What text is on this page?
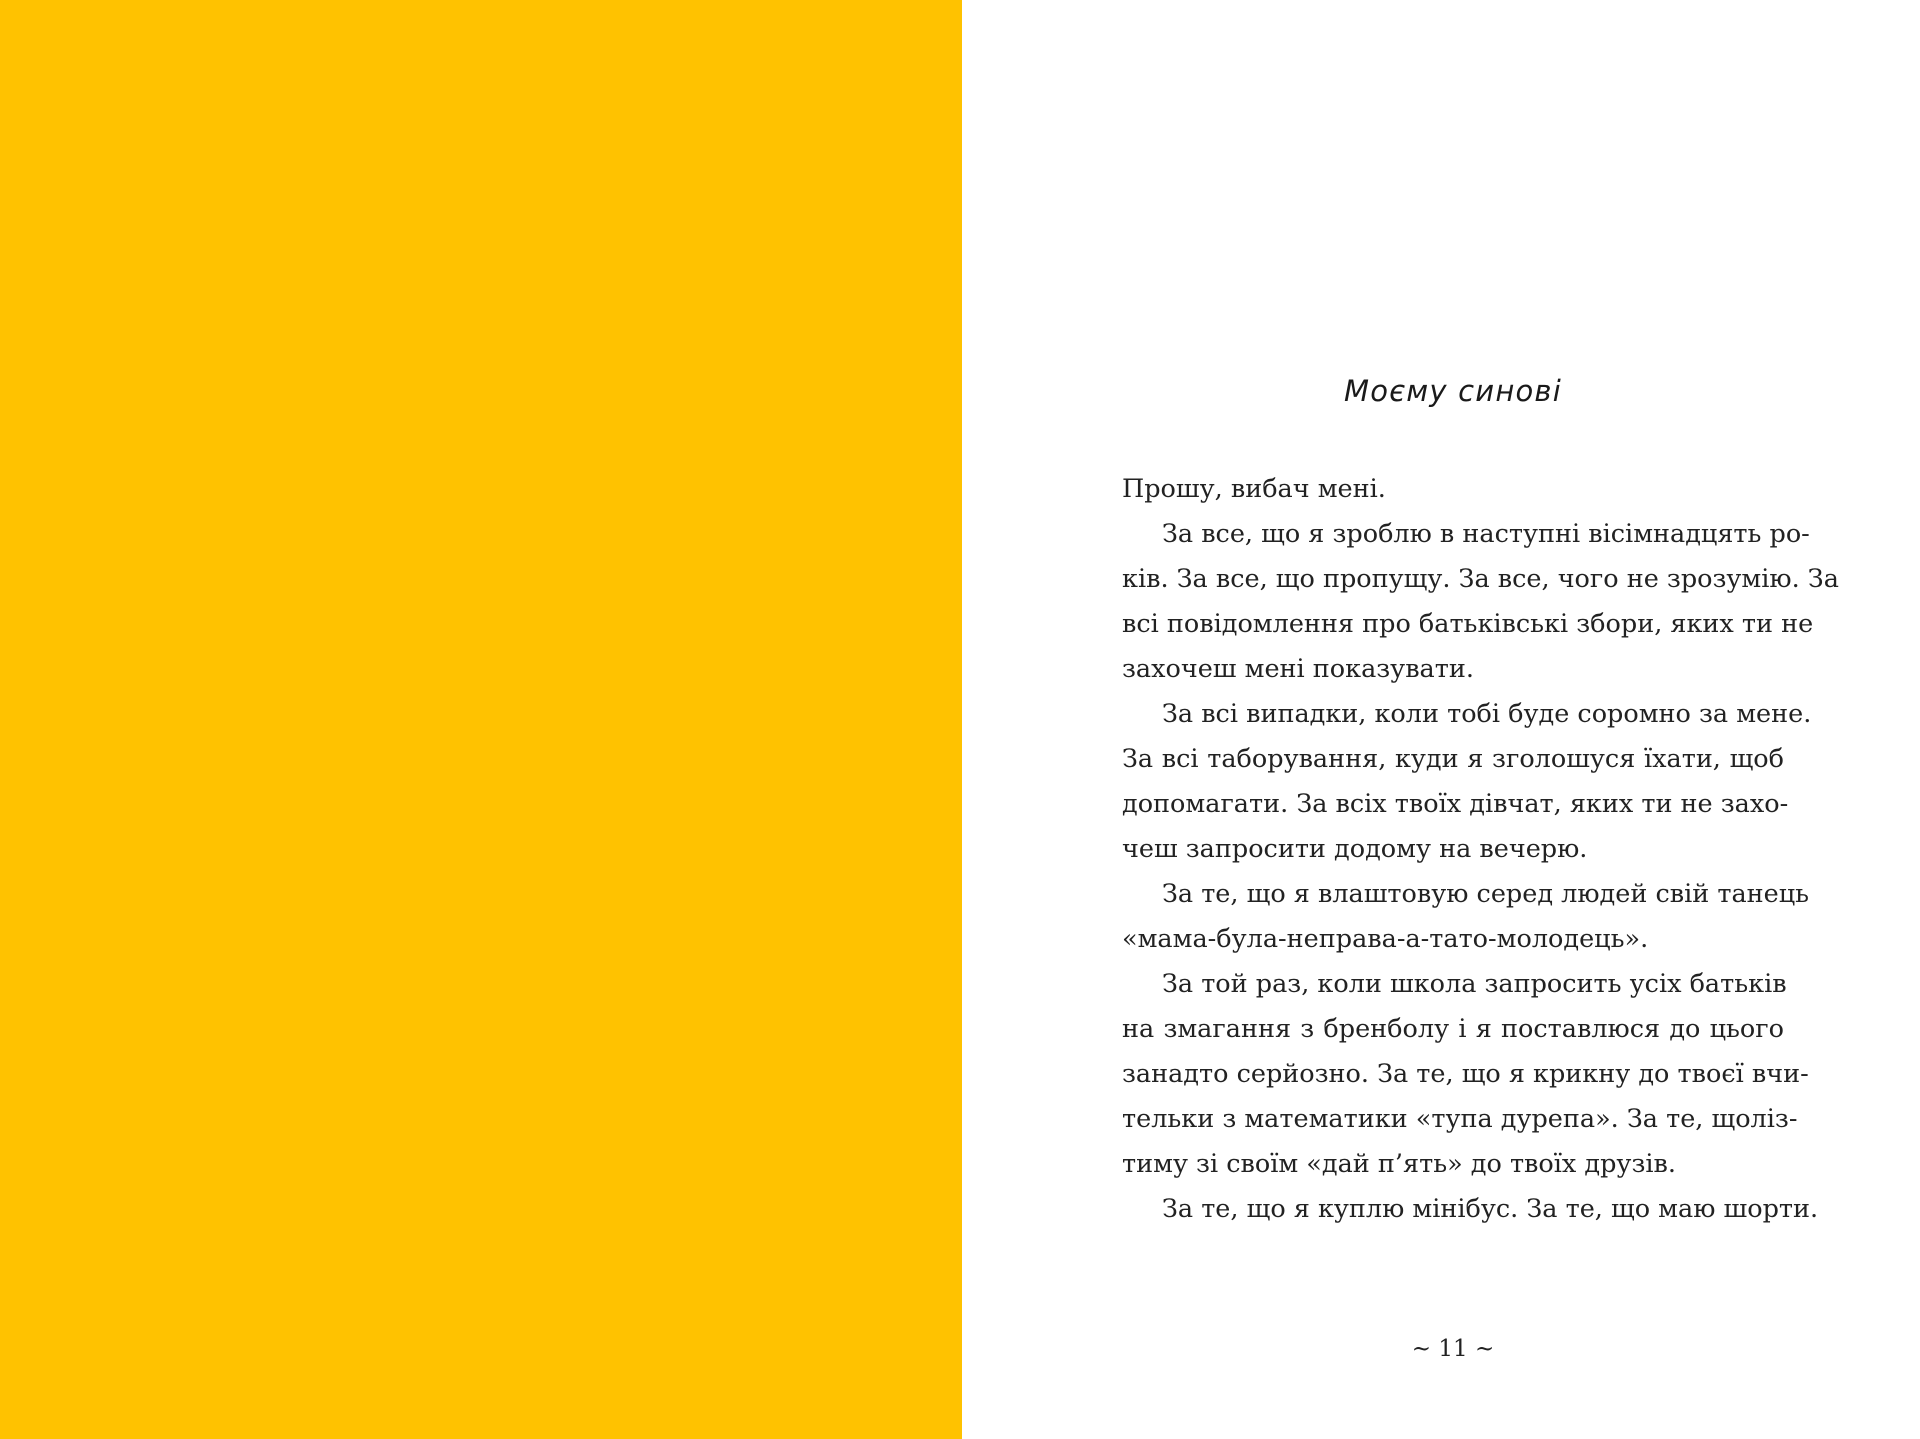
Моєму синові
Прошу, вибач мені.
За все, що я зроблю в наступні вісімнадцять ро-
ків. За все, що пропущу. За все, чого не зрозумію. За
всі повідомлення про батьківські збори, яких ти не
захочеш мені показувати.
За всі випадки, коли тобі буде соромно за мене.
За всі таборування, куди я зголошуся їхати, щоб
допомагати. За всіх твоїх дівчат, яких ти не захо-
чеш запросити додому на вечерю.
За те, що я влаштовую серед людей свій танець
«мама-була-неправа-а-тато-молодець».
За той раз, коли школа запросить усіх батьків
на змагання з бренболу і я поставлюся до цього
занадто серйозно. За те, що я крикну до твоєї вчи-
тельки з математики «тупа дурепа». За те, щоліз-
тиму зі своїм «дай п’ять» до твоїх друзів.
За те, що я куплю мінібус. За те, що маю шорти.
~ 11 ~
